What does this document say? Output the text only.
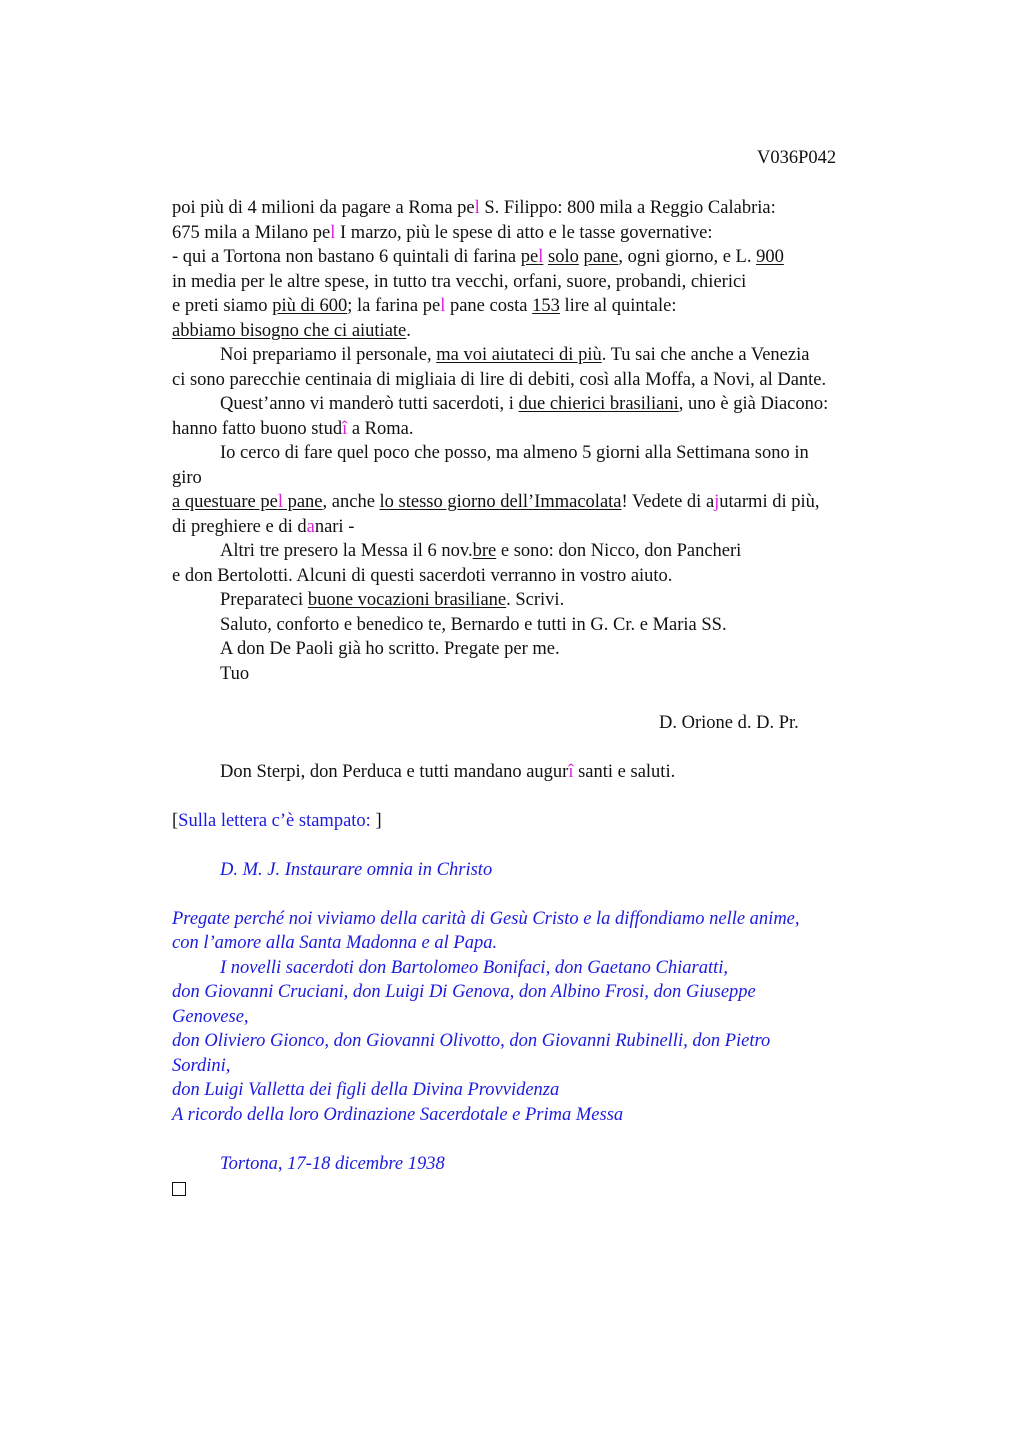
V036P042
poi più di 4 milioni da pagare a Roma pel S. Filippo: 800 mila a Reggio Calabria:
675 mila a Milano pel I marzo, più le spese di atto e le tasse governative:
- qui a Tortona non bastano 6 quintali di farina pel solo pane, ogni giorno, e L. 900
in media per le altre spese, in tutto tra vecchi, orfani, suore, probandi, chierici
e preti siamo più di 600; la farina pel pane costa 153 lire al quintale:
abbiamo bisogno che ci aiutiate.
Noi prepariamo il personale, ma voi aiutateci di più. Tu sai che anche a Venezia
ci sono parecchie centinaia di migliaia di lire di debiti, così alla Moffa, a Novi, al Dante.
Quest’anno vi manderò tutti sacerdoti, i due chierici brasiliani, uno è già Diacono:
hanno fatto buono studî a Roma.
Io cerco di fare quel poco che posso, ma almeno 5 giorni alla Settimana sono in
giro
a questuare pel pane, anche lo stesso giorno dell’Immacolata! Vedete di ajutarmi di più,
di preghiere e di danari -
Altri tre presero la Messa il 6 nov.bre e sono: don Nicco, don Pancheri
e don Bertolotti. Alcuni di questi sacerdoti verranno in vostro aiuto.
Preparateci buone vocazioni brasiliane. Scrivi.
Saluto, conforto e benedico te, Bernardo e tutti in G. Cr. e Maria SS.
A don De Paoli già ho scritto. Pregate per me.
Tuo
D. Orione d. D. Pr.
Don Sterpi, don Perduca e tutti mandano augurî santi e saluti.
[Sulla lettera c’è stampato: ]
D. M. J. Instaurare omnia in Christo
Pregate perché noi viviamo della carità di Gesù Cristo e la diffondiamo nelle anime,
con l’amore alla Santa Madonna e al Papa.
I novelli sacerdoti don Bartolomeo Bonifaci, don Gaetano Chiaratti,
don Giovanni Cruciani, don Luigi Di Genova, don Albino Frosi, don Giuseppe
Genovese,
don Oliviero Gionco, don Giovanni Olivotto, don Giovanni Rubinelli, don Pietro
Sordini,
don Luigi Valletta dei figli della Divina Provvidenza
A ricordo della loro Ordinazione Sacerdotale e Prima Messa
Tortona, 17-18 dicembre 1938
